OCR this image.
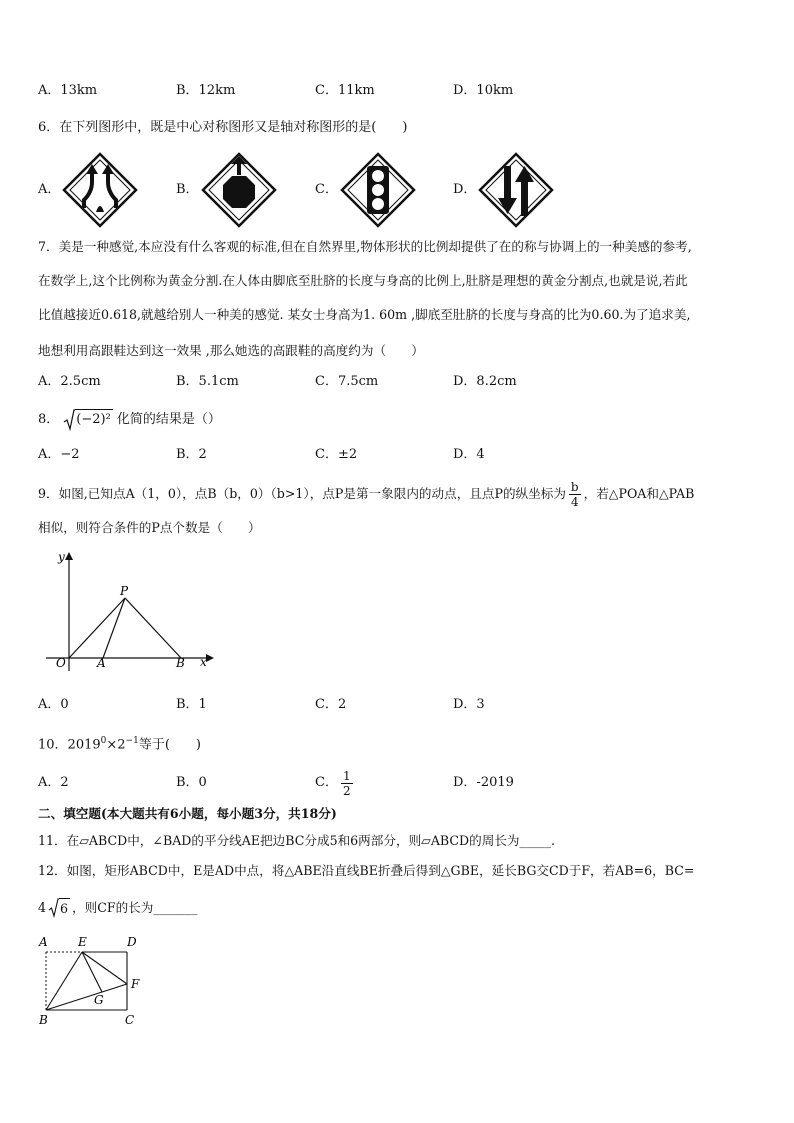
A．13km	B．12km	C．11km	D．10km
6．在下列图形中，既是中心对称图形又是轴对称图形的是(　　)
A．	B．	C．	D．
7．美是一种感觉,本应没有什么客观的标准,但在自然界里,物体形状的比例却提供了在的称与协调上的一种美感的参考,
在数学上,这个比例称为黄金分割.在人体由脚底至肚脐的长度与身高的比例上,肚脐是理想的黄金分割点,也就是说,若此
比值越接近0.618,就越给别人一种美的感觉. 某女士身高为1. 60m ,脚底至肚脐的长度与身高的比为0.60.为了追求美,
地想利用高跟鞋达到这一效果 ,那么她选的高跟鞋的高度约为（　　）
A．2.5cm	B．5.1cm	C．7.5cm	D．8.2cm
8． (−2)² 化简的结果是（）
A．−2	B．2	C．±2	D．4
9．如图,已知点A（1，0），点B（b，0）（b>1），点P是第一象限内的动点，且点P的纵坐标为 $\frac{b}{4}$ ，若△POA和△PAB
相似，则符合条件的P点个数是（　　）
y
x
O	A	B
P
A．0	B．1	C．2	D．3
10．$2019^0\times 2^{-1}$等于(　　)
A．2	B．0	C． $\frac{1}{2}$	D．-2019
二、填空题(本大题共有6小题，每小题3分，共18分)
11．在▱ABCD中，∠BAD的平分线AE把边BC分成5和6两部分，则▱ABCD的周长为_____.
12．如图，矩形ABCD中，E是AD中点，将△ABE沿直线BE折叠后得到△GBE，延长BG交CD于F，若AB=6，BC=
4 6 ，则CF的长为_______
A	E	D
F
G
B	C
